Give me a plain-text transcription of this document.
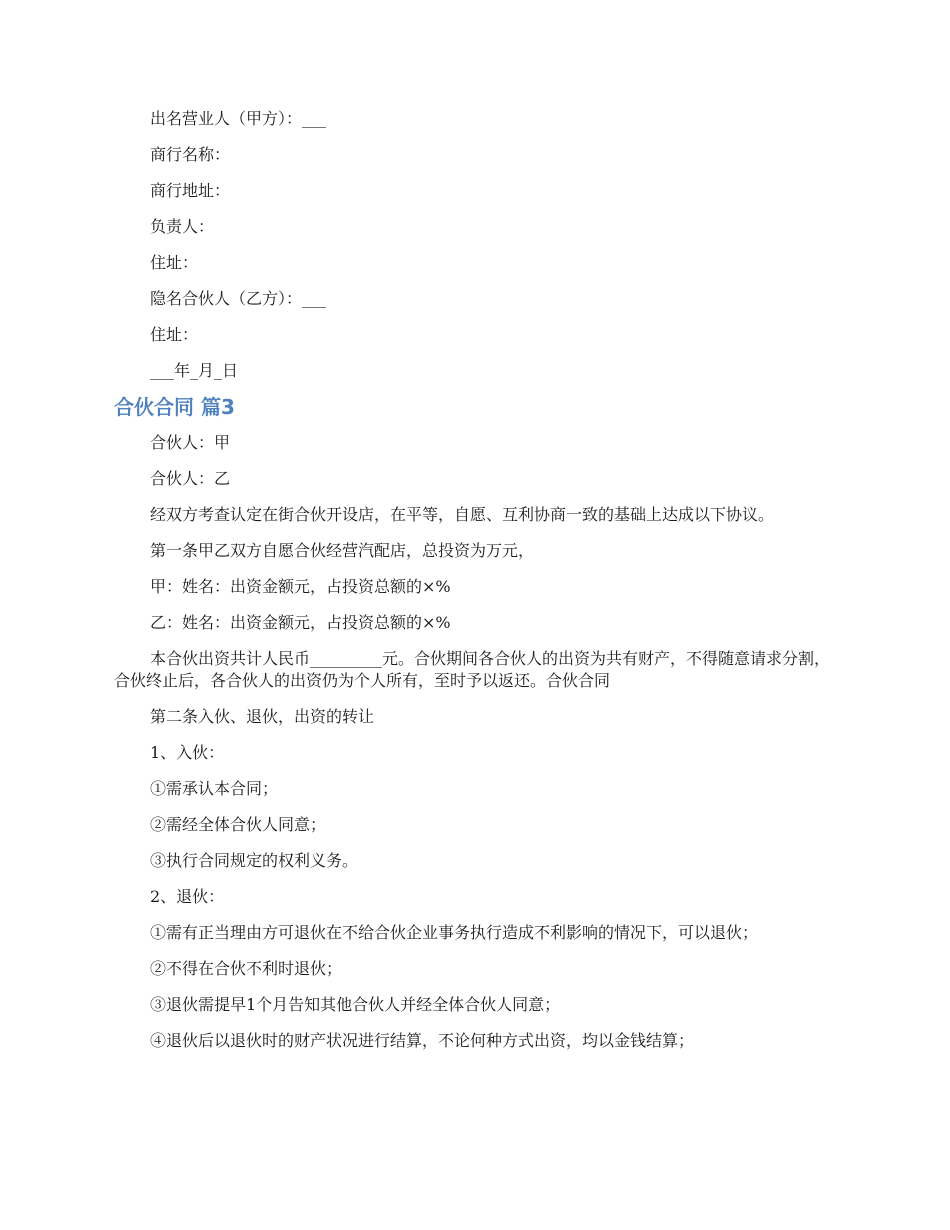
出名营业人（甲方）：___

商行名称：

商行地址：

负责人：

住址：

隐名合伙人（乙方）：___

住址：

___年_月_日

合伙合同 篇3

合伙人：甲

合伙人：乙

经双方考查认定在街合伙开设店，在平等，自愿、互利协商一致的基础上达成以下协议。

第一条甲乙双方自愿合伙经营汽配店，总投资为万元，

甲：姓名：出资金额元，占投资总额的×%

乙：姓名：出资金额元，占投资总额的×%

本合伙出资共计人民币_________元。合伙期间各合伙人的出资为共有财产，不得随意请求分割，合伙终止后，各合伙人的出资仍为个人所有，至时予以返还。合伙合同

第二条入伙、退伙，出资的转让

1、入伙：

①需承认本合同；

②需经全体合伙人同意；

③执行合同规定的权利义务。

2、退伙：

①需有正当理由方可退伙在不给合伙企业事务执行造成不利影响的情况下，可以退伙；

②不得在合伙不利时退伙；

③退伙需提早1个月告知其他合伙人并经全体合伙人同意；

④退伙后以退伙时的财产状况进行结算，不论何种方式出资，均以金钱结算；
